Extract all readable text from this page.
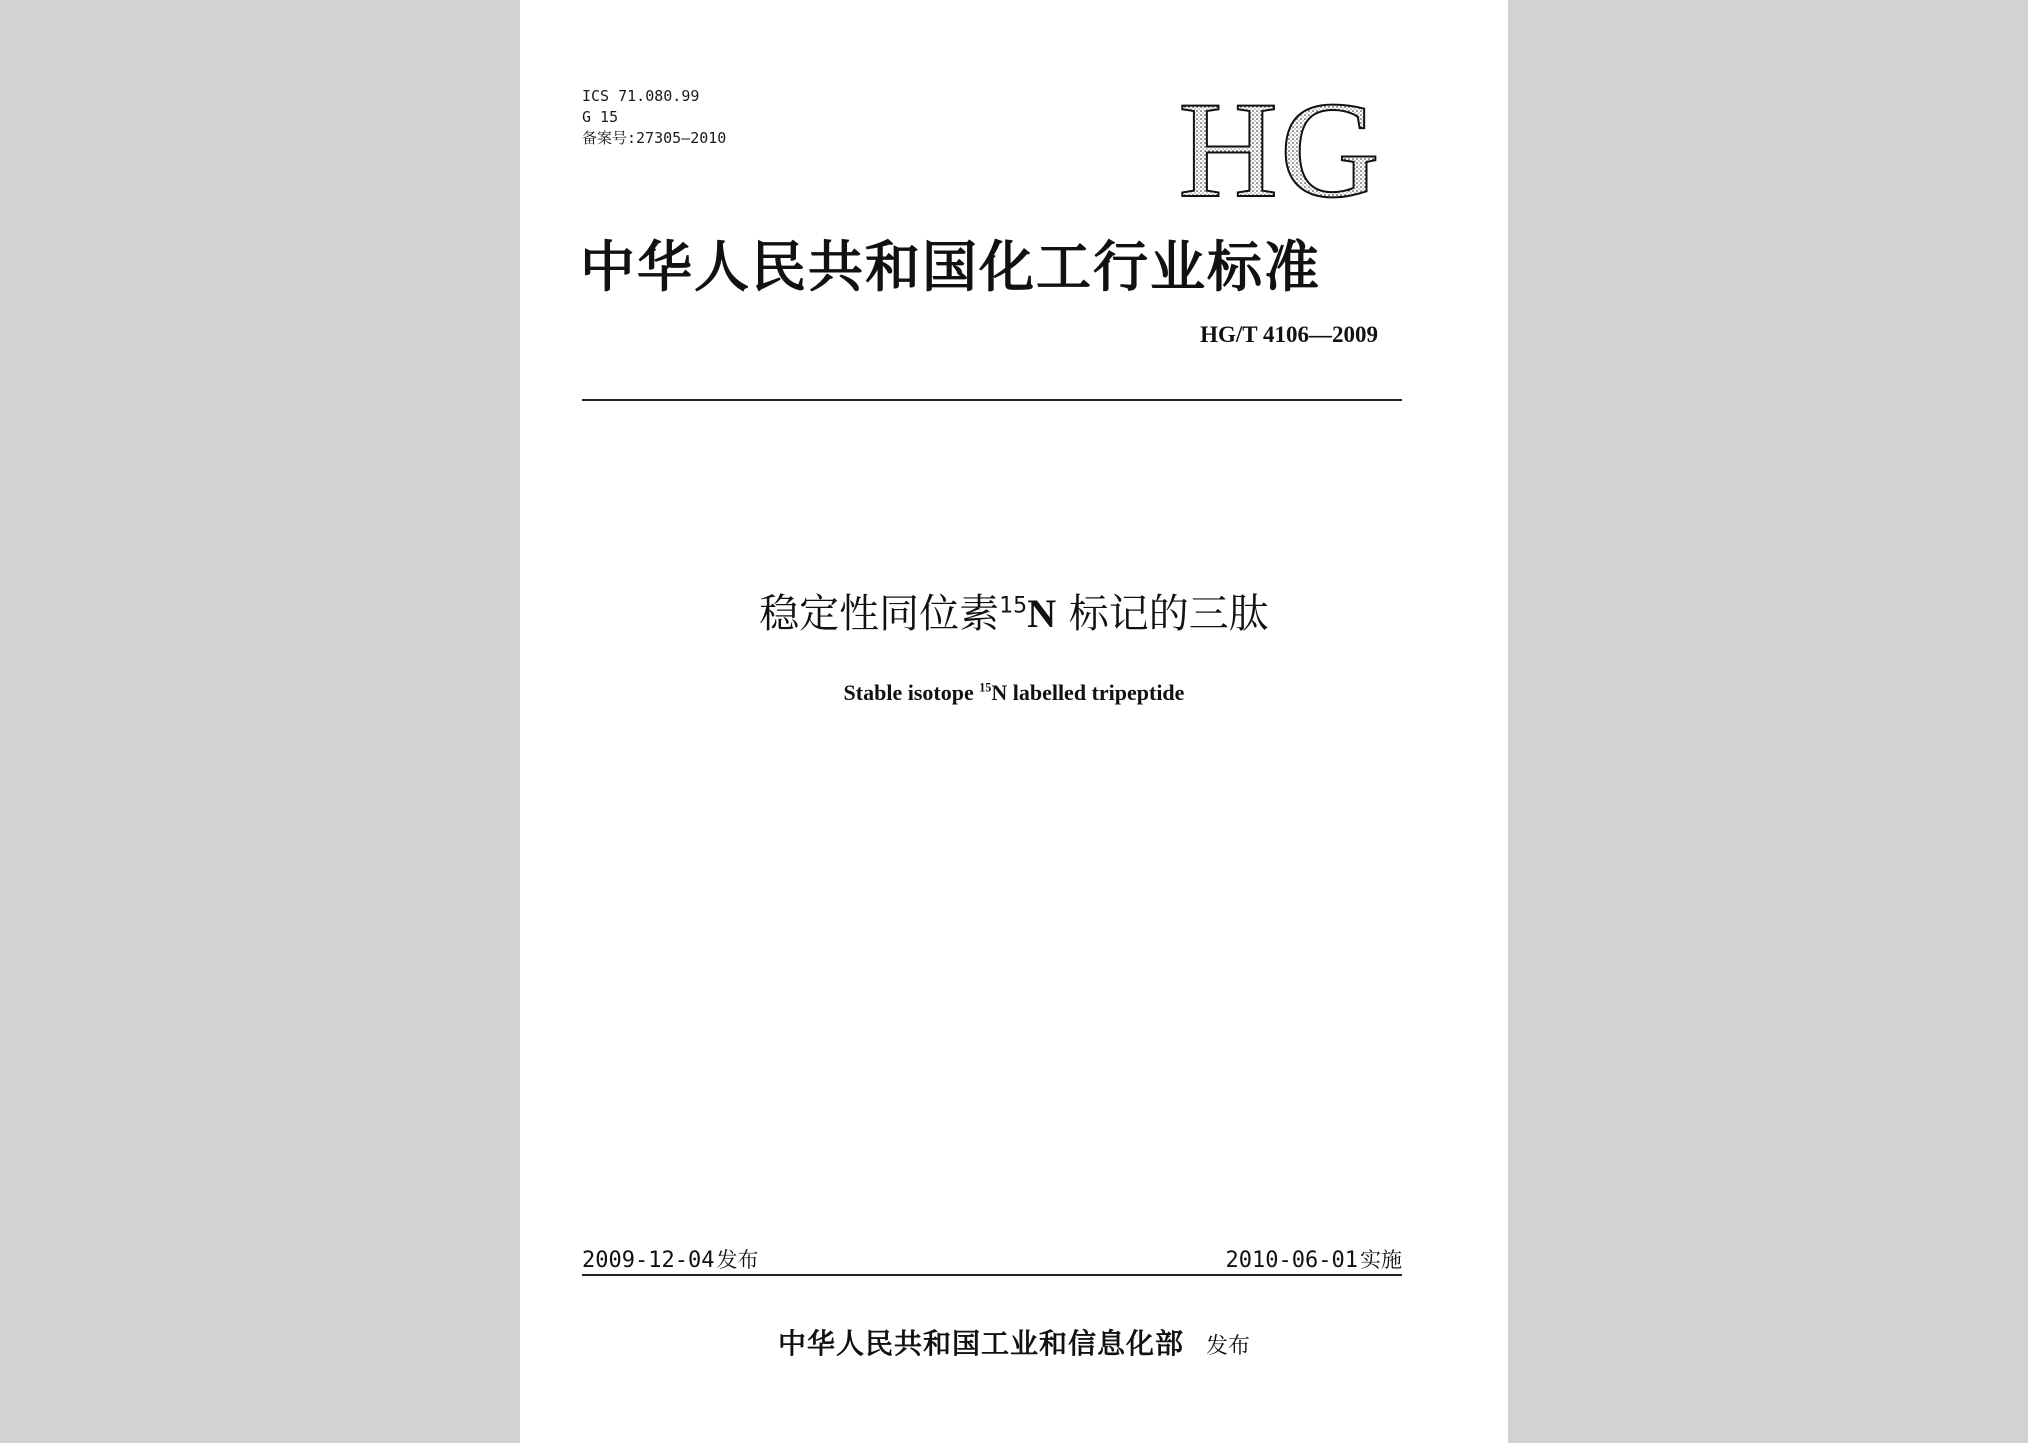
ICS 71.080.99
G 15
备案号:27305—2010	HG
中华人民共和国化工行业标准
HG/T 4106—2009
稳定性同位素$^{15}$N 标记的三肽
Stable isotope $^{15}$N labelled tripeptide
2009-12-04发布	2010-06-01实施
中华人民共和国工业和信息化部 发布
